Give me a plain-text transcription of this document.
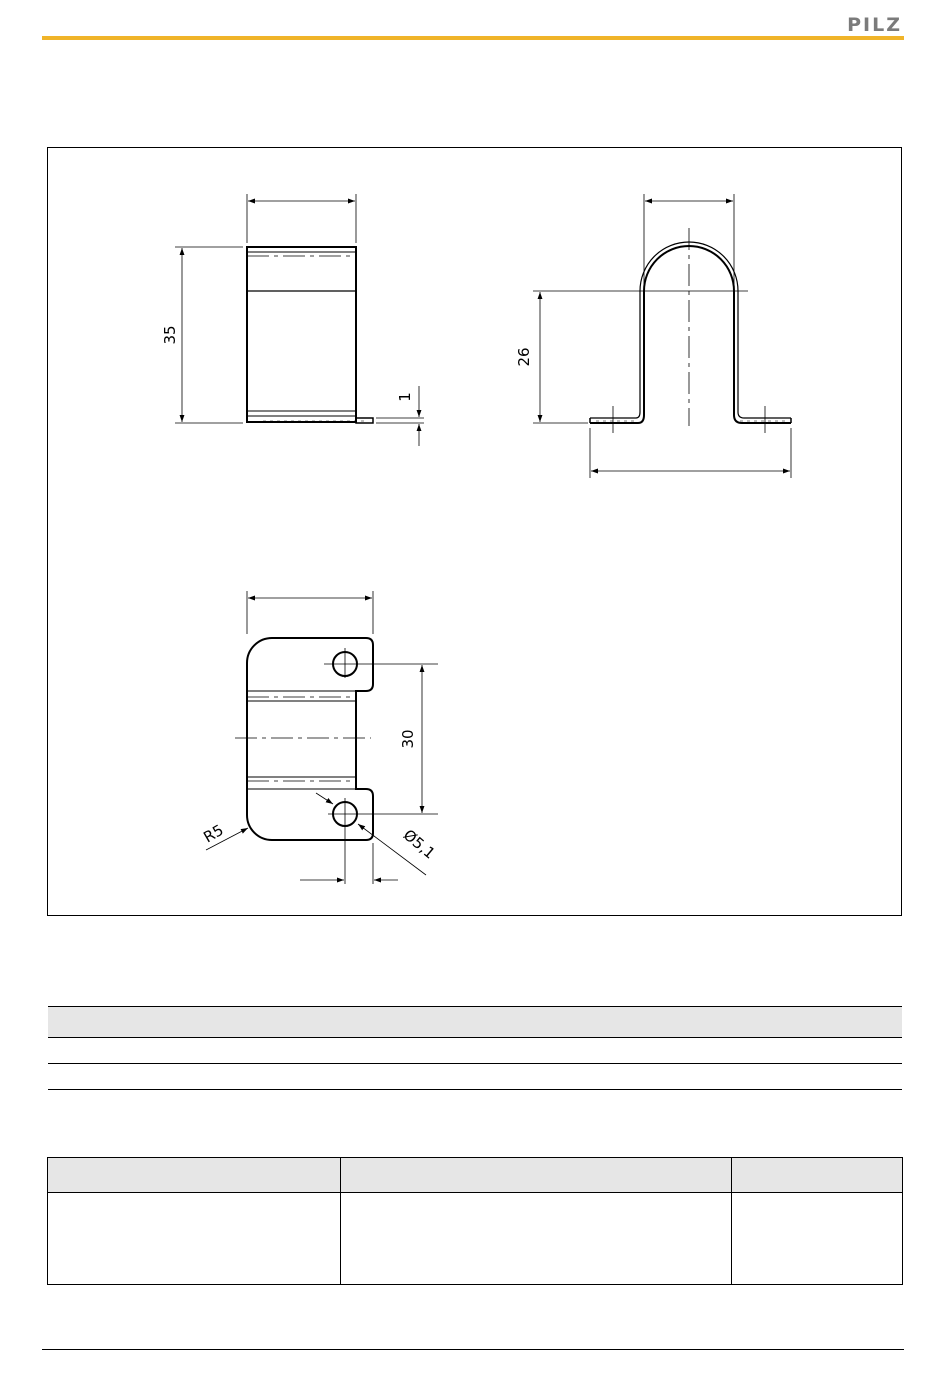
PILZ
35
1
26
30
R5	Ø5,1
